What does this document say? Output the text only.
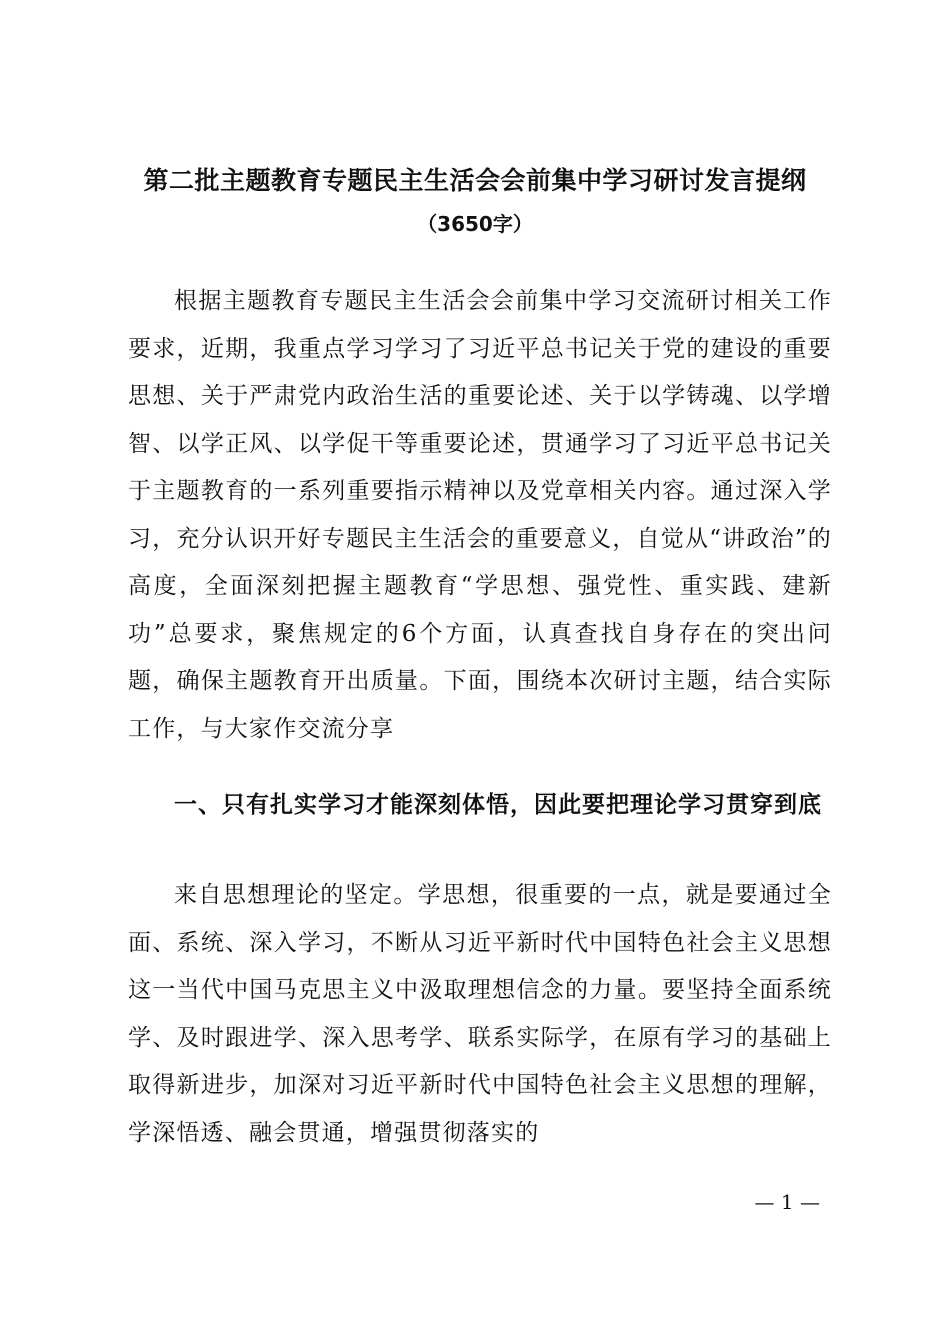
第二批主题教育专题民主生活会会前集中学习研讨发言提纲
（3650字）

根据主题教育专题民主生活会会前集中学习交流研讨相关工作要求，近期，我重点学习学习了习近平总书记关于党的建设的重要思想、关于严肃党内政治生活的重要论述、关于以学铸魂、以学增智、以学正风、以学促干等重要论述，贯通学习了习近平总书记关于主题教育的一系列重要指示精神以及党章相关内容。通过深入学习，充分认识开好专题民主生活会的重要意义，自觉从“讲政治”的高度，全面深刻把握主题教育“学思想、强党性、重实践、建新功”总要求，聚焦规定的6个方面，认真查找自身存在的突出问题，确保主题教育开出质量。下面，围绕本次研讨主题，结合实际工作，与大家作交流分享

一、只有扎实学习才能深刻体悟，因此要把理论学习贯穿到底

来自思想理论的坚定。学思想，很重要的一点，就是要通过全面、系统、深入学习，不断从习近平新时代中国特色社会主义思想这一当代中国马克思主义中汲取理想信念的力量。要坚持全面系统学、及时跟进学、深入思考学、联系实际学，在原有学习的基础上取得新进步，加深对习近平新时代中国特色社会主义思想的理解，学深悟透、融会贯通，增强贯彻落实的

— 1 —
